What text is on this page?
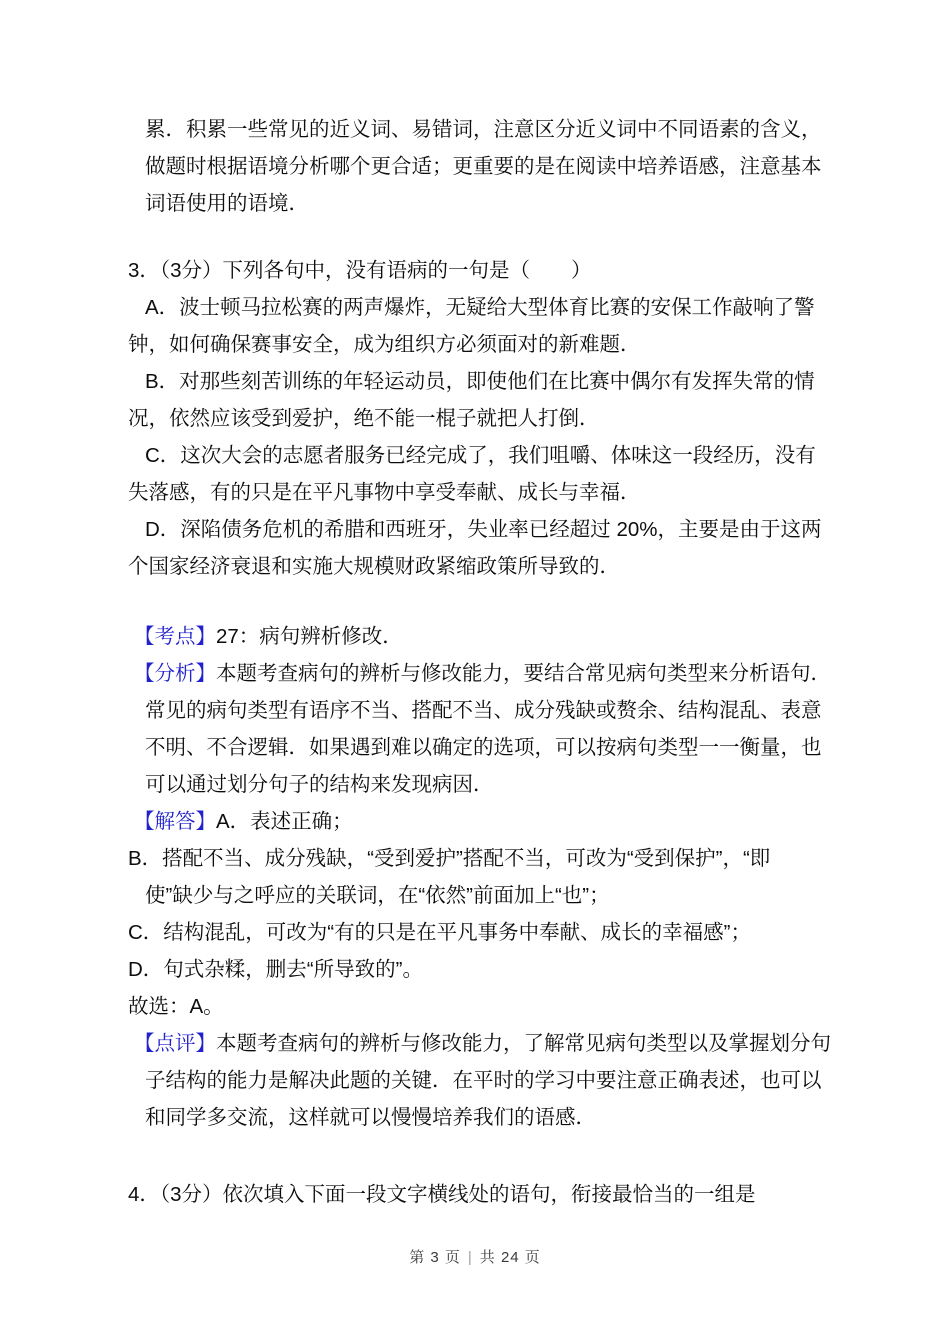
累．积累一些常见的近义词、易错词，注意区分近义词中不同语素的含义，
做题时根据语境分析哪个更合适；更重要的是在阅读中培养语感，注意基本
词语使用的语境．
3．（3分）下列各句中，没有语病的一句是（　　）
A．波士顿马拉松赛的两声爆炸，无疑给大型体育比赛的安保工作敲响了警
钟，如何确保赛事安全，成为组织方必须面对的新难题．
B．对那些刻苦训练的年轻运动员，即使他们在比赛中偶尔有发挥失常的情
况，依然应该受到爱护，绝不能一棍子就把人打倒．
C．这次大会的志愿者服务已经完成了，我们咀嚼、体味这一段经历，没有
失落感，有的只是在平凡事物中享受奉献、成长与幸福．
D．深陷债务危机的希腊和西班牙，失业率已经超过 20%，主要是由于这两
个国家经济衰退和实施大规模财政紧缩政策所导致的．
【考点】27：病句辨析修改．
【分析】本题考查病句的辨析与修改能力，要结合常见病句类型来分析语句．
常见的病句类型有语序不当、搭配不当、成分残缺或赘余、结构混乱、表意
不明、不合逻辑．如果遇到难以确定的选项，可以按病句类型一一衡量，也
可以通过划分句子的结构来发现病因．
【解答】A．表述正确；
B．搭配不当、成分残缺，“受到爱护”搭配不当，可改为“受到保护”，“即
使”缺少与之呼应的关联词，在“依然”前面加上“也”；
C．结构混乱，可改为“有的只是在平凡事务中奉献、成长的幸福感”；
D．句式杂糅，删去“所导致的”。
故选：A。
【点评】本题考查病句的辨析与修改能力，了解常见病句类型以及掌握划分句
子结构的能力是解决此题的关键．在平时的学习中要注意正确表述，也可以
和同学多交流，这样就可以慢慢培养我们的语感．
4．（3分）依次填入下面一段文字横线处的语句，衔接最恰当的一组是
第 3 页 | 共 24 页
